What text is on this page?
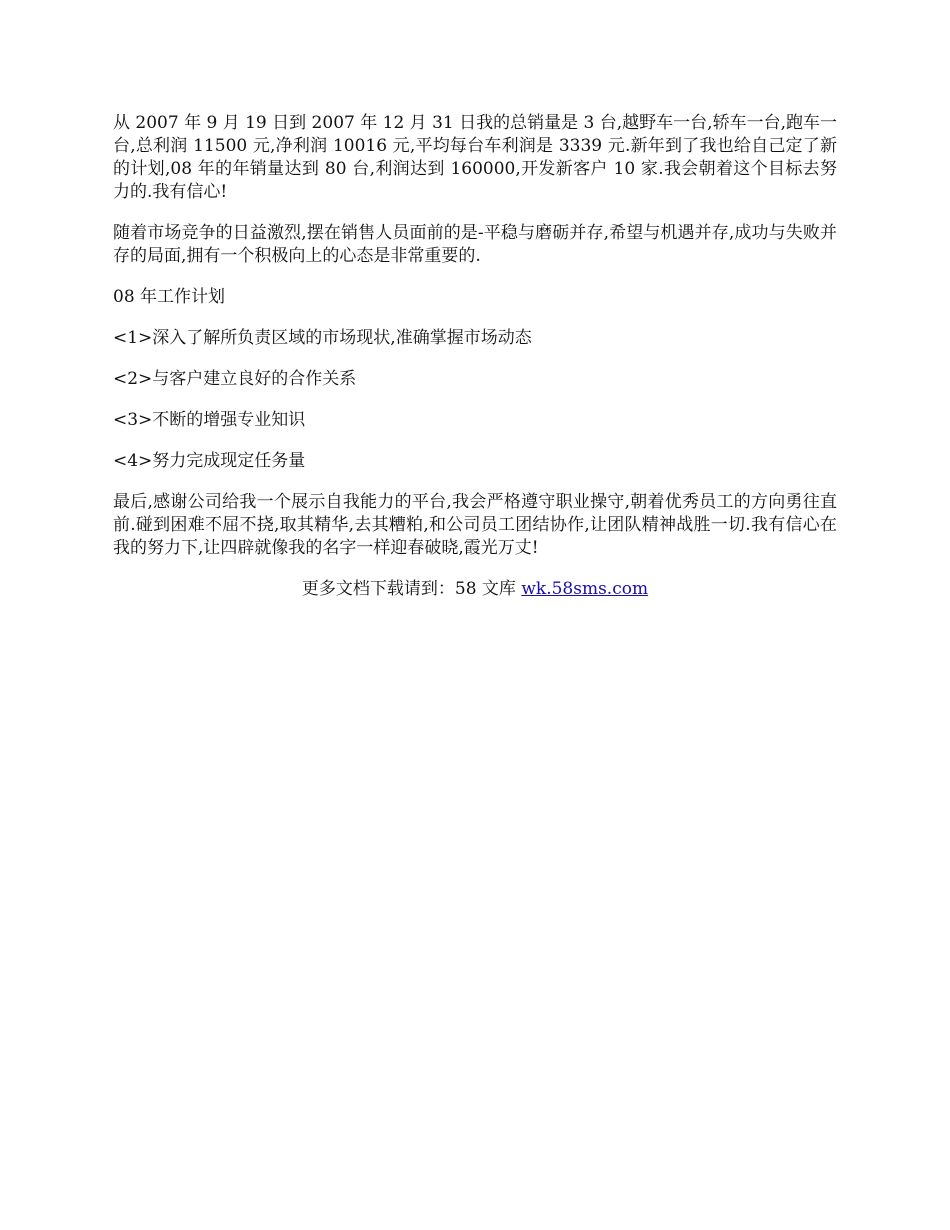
从 2007 年 9 月 19 日到 2007 年 12 月 31 日我的总销量是 3 台,越野车一台,轿车一台,跑车一台,总利润 11500 元,净利润 10016 元,平均每台车利润是 3339 元.新年到了我也给自己定了新的计划,08 年的年销量达到 80 台,利润达到 160000,开发新客户 10 家.我会朝着这个目标去努力的.我有信心!

随着市场竞争的日益激烈,摆在销售人员面前的是-平稳与磨砺并存,希望与机遇并存,成功与失败并存的局面,拥有一个积极向上的心态是非常重要的.

08 年工作计划

<1>深入了解所负责区域的市场现状,准确掌握市场动态

<2>与客户建立良好的合作关系

<3>不断的增强专业知识

<4>努力完成现定任务量

最后,感谢公司给我一个展示自我能力的平台,我会严格遵守职业操守,朝着优秀员工的方向勇往直前.碰到困难不屈不挠,取其精华,去其糟粕,和公司员工团结协作,让团队精神战胜一切.我有信心在我的努力下,让四辟就像我的名字一样迎春破晓,霞光万丈!

更多文档下载请到：58 文库 wk.58sms.com
